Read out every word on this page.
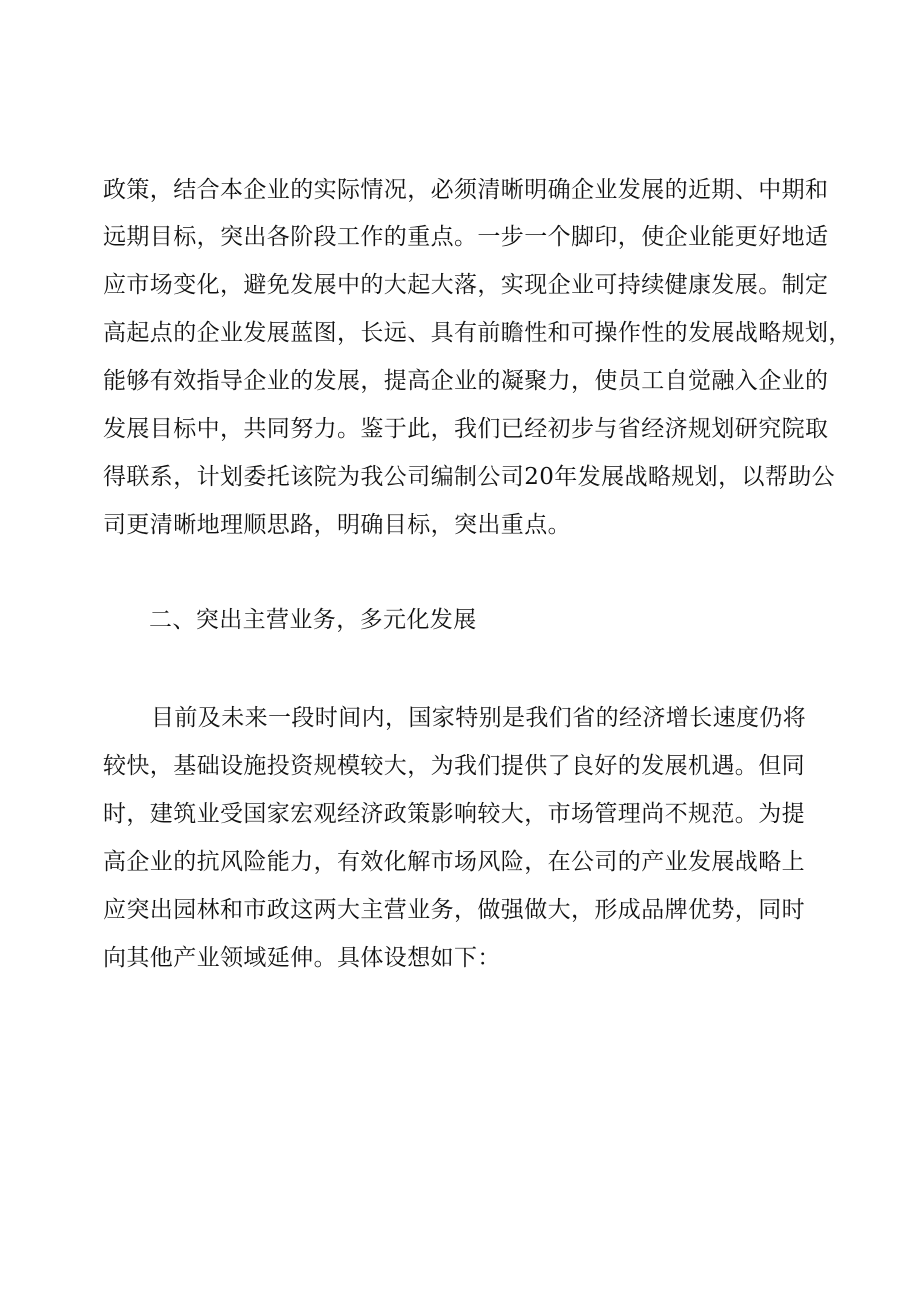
政策，结合本企业的实际情况，必须清晰明确企业发展的近期、中期和
远期目标，突出各阶段工作的重点。一步一个脚印，使企业能更好地适
应市场变化，避免发展中的大起大落，实现企业可持续健康发展。制定
高起点的企业发展蓝图，长远、具有前瞻性和可操作性的发展战略规划，
能够有效指导企业的发展，提高企业的凝聚力，使员工自觉融入企业的
发展目标中，共同努力。鉴于此，我们已经初步与省经济规划研究院取
得联系，计划委托该院为我公司编制公司20年发展战略规划，以帮助公
司更清晰地理顺思路，明确目标，突出重点。
二、突出主营业务，多元化发展
目前及未来一段时间内，国家特别是我们省的经济增长速度仍将
较快，基础设施投资规模较大，为我们提供了良好的发展机遇。但同
时，建筑业受国家宏观经济政策影响较大，市场管理尚不规范。为提
高企业的抗风险能力，有效化解市场风险，在公司的产业发展战略上
应突出园林和市政这两大主营业务，做强做大，形成品牌优势，同时
向其他产业领域延伸。具体设想如下：
